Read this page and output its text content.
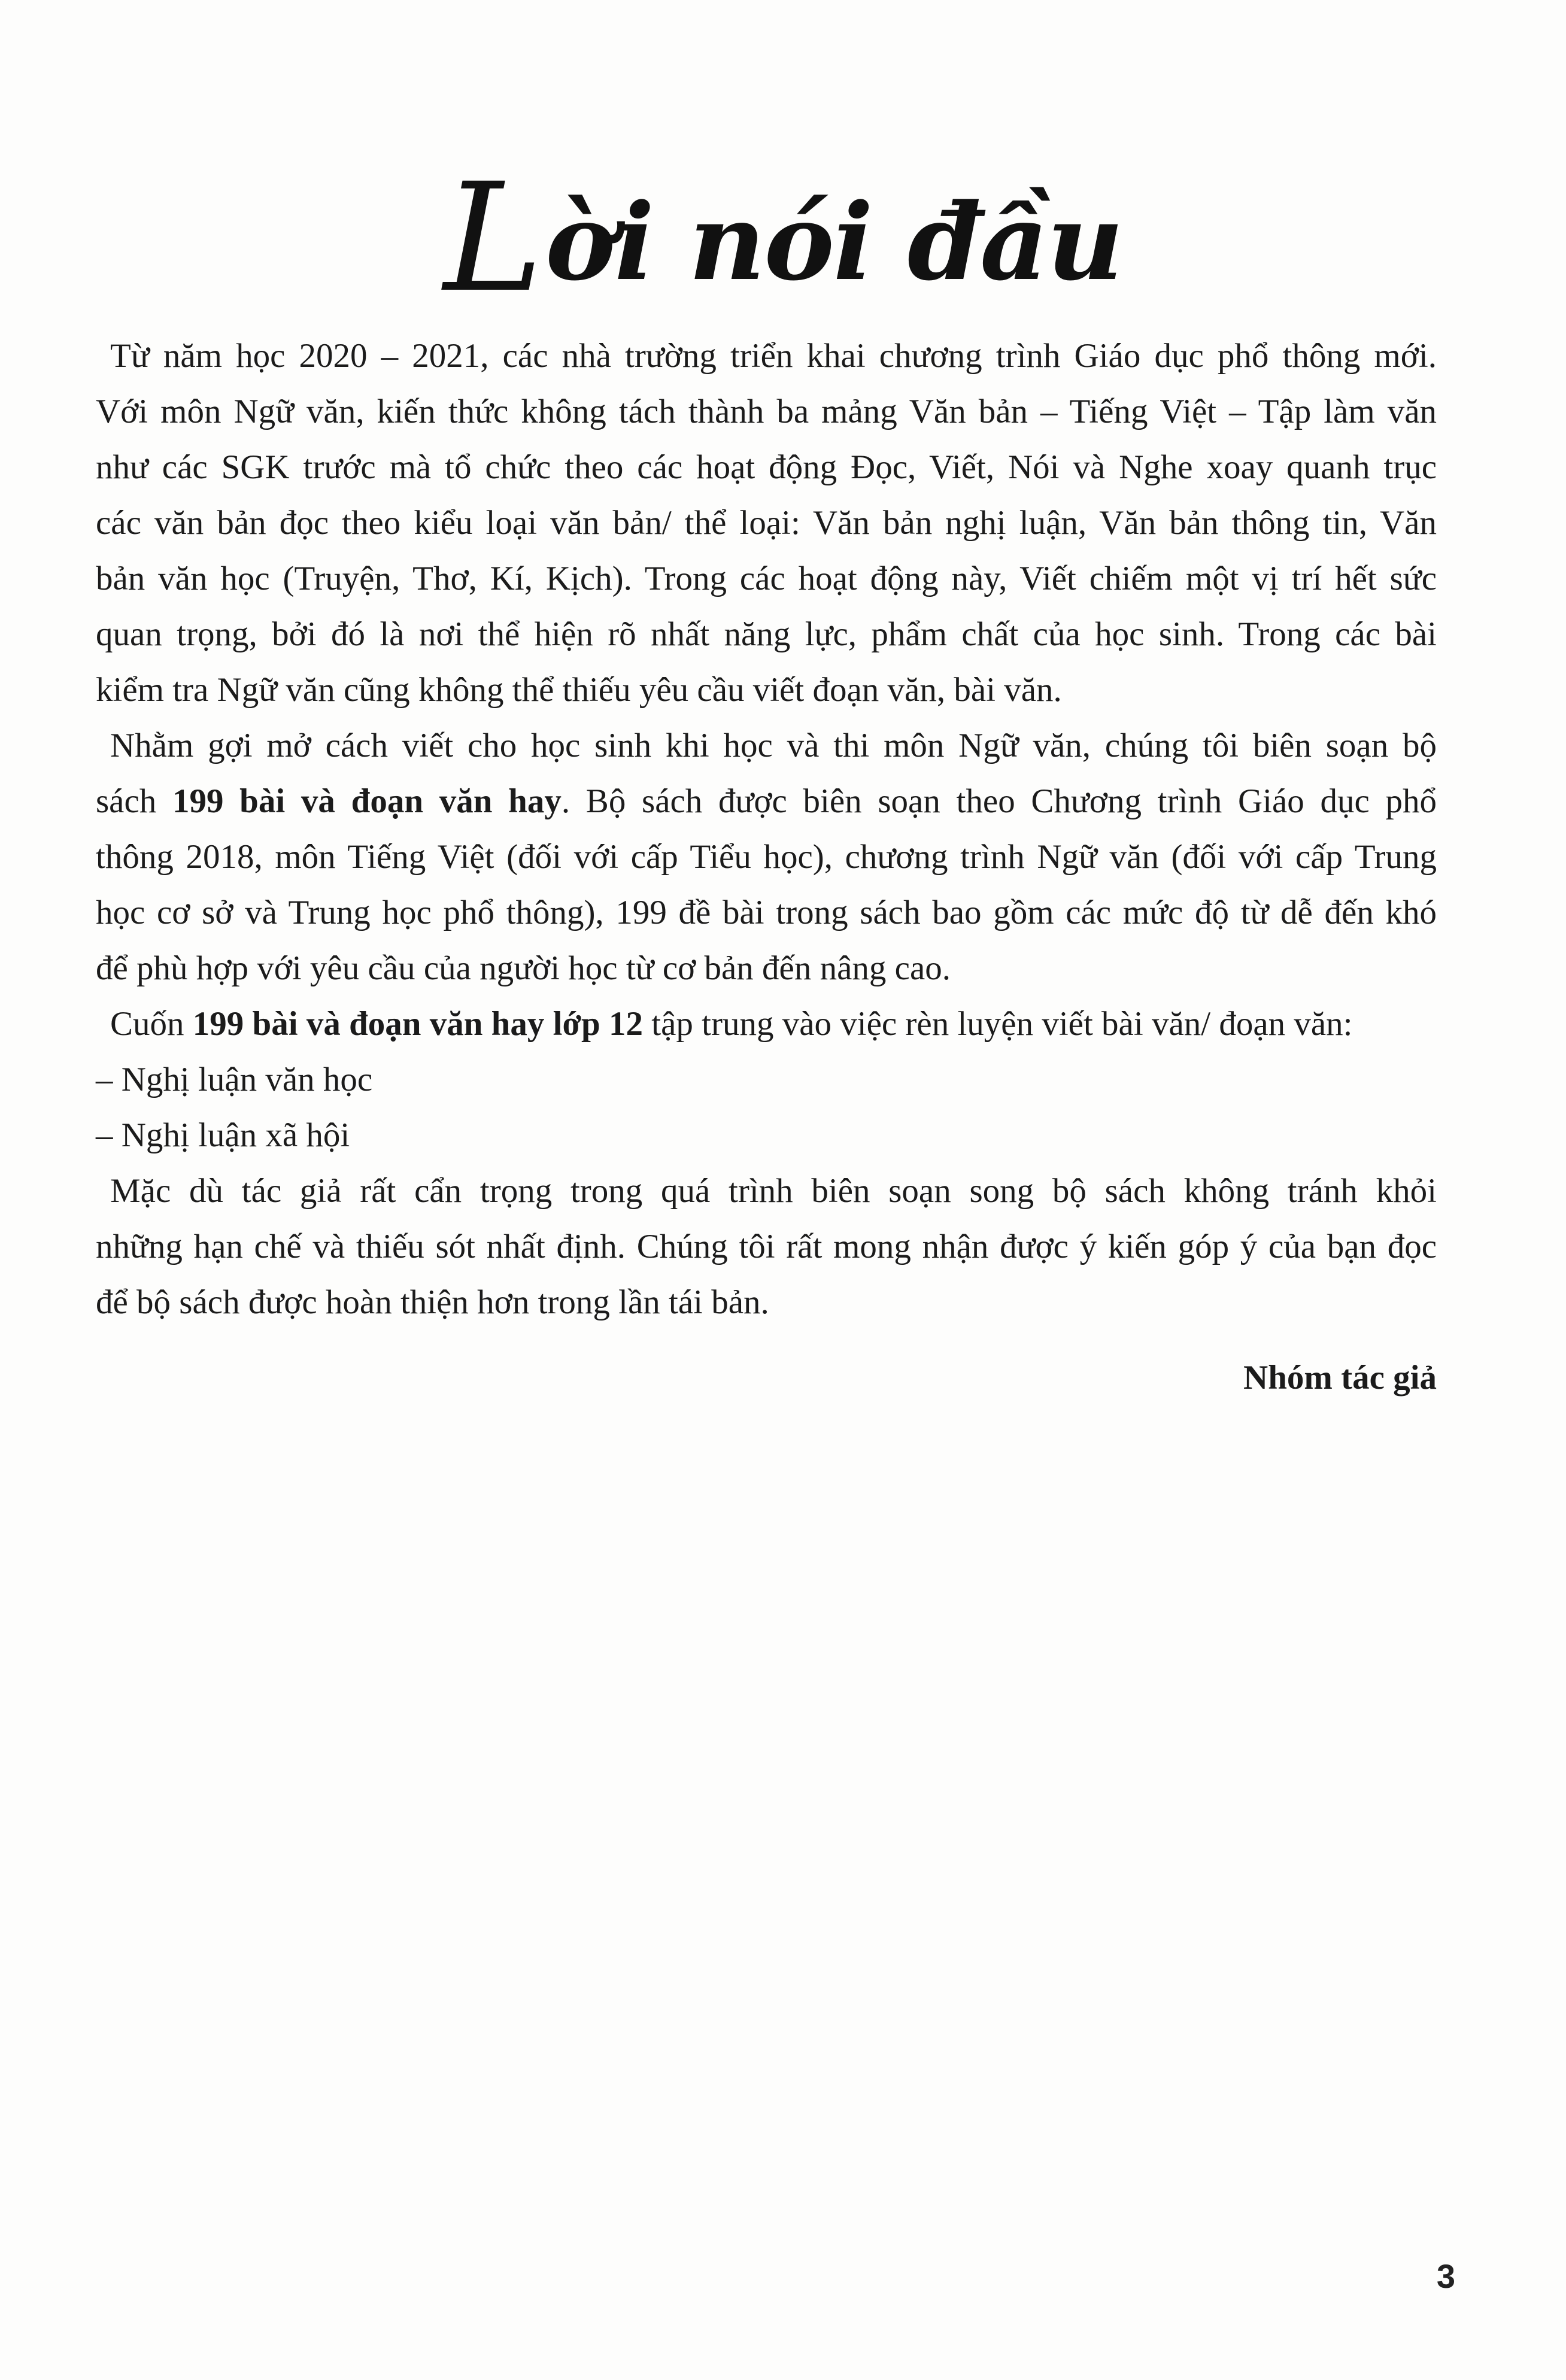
Lời nói đầu
Từ năm học 2020 – 2021, các nhà trường triển khai chương trình Giáo dục phổ thông mới.
Với môn Ngữ văn, kiến thức không tách thành ba mảng Văn bản – Tiếng Việt – Tập làm văn
như các SGK trước mà tổ chức theo các hoạt động Đọc, Viết, Nói và Nghe xoay quanh trục
các văn bản đọc theo kiểu loại văn bản/ thể loại: Văn bản nghị luận, Văn bản thông tin, Văn
bản văn học (Truyện, Thơ, Kí, Kịch). Trong các hoạt động này, Viết chiếm một vị trí hết sức
quan trọng, bởi đó là nơi thể hiện rõ nhất năng lực, phẩm chất của học sinh. Trong các bài
kiểm tra Ngữ văn cũng không thể thiếu yêu cầu viết đoạn văn, bài văn.
Nhằm gợi mở cách viết cho học sinh khi học và thi môn Ngữ văn, chúng tôi biên soạn bộ
sách 199 bài và đoạn văn hay. Bộ sách được biên soạn theo Chương trình Giáo dục phổ
thông 2018, môn Tiếng Việt (đối với cấp Tiểu học), chương trình Ngữ văn (đối với cấp Trung
học cơ sở và Trung học phổ thông), 199 đề bài trong sách bao gồm các mức độ từ dễ đến khó
để phù hợp với yêu cầu của người học từ cơ bản đến nâng cao.
Cuốn 199 bài và đoạn văn hay lớp 12 tập trung vào việc rèn luyện viết bài văn/ đoạn văn:
– Nghị luận văn học
– Nghị luận xã hội
Mặc dù tác giả rất cẩn trọng trong quá trình biên soạn song bộ sách không tránh khỏi
những hạn chế và thiếu sót nhất định. Chúng tôi rất mong nhận được ý kiến góp ý của bạn đọc
để bộ sách được hoàn thiện hơn trong lần tái bản.
Nhóm tác giả
3
